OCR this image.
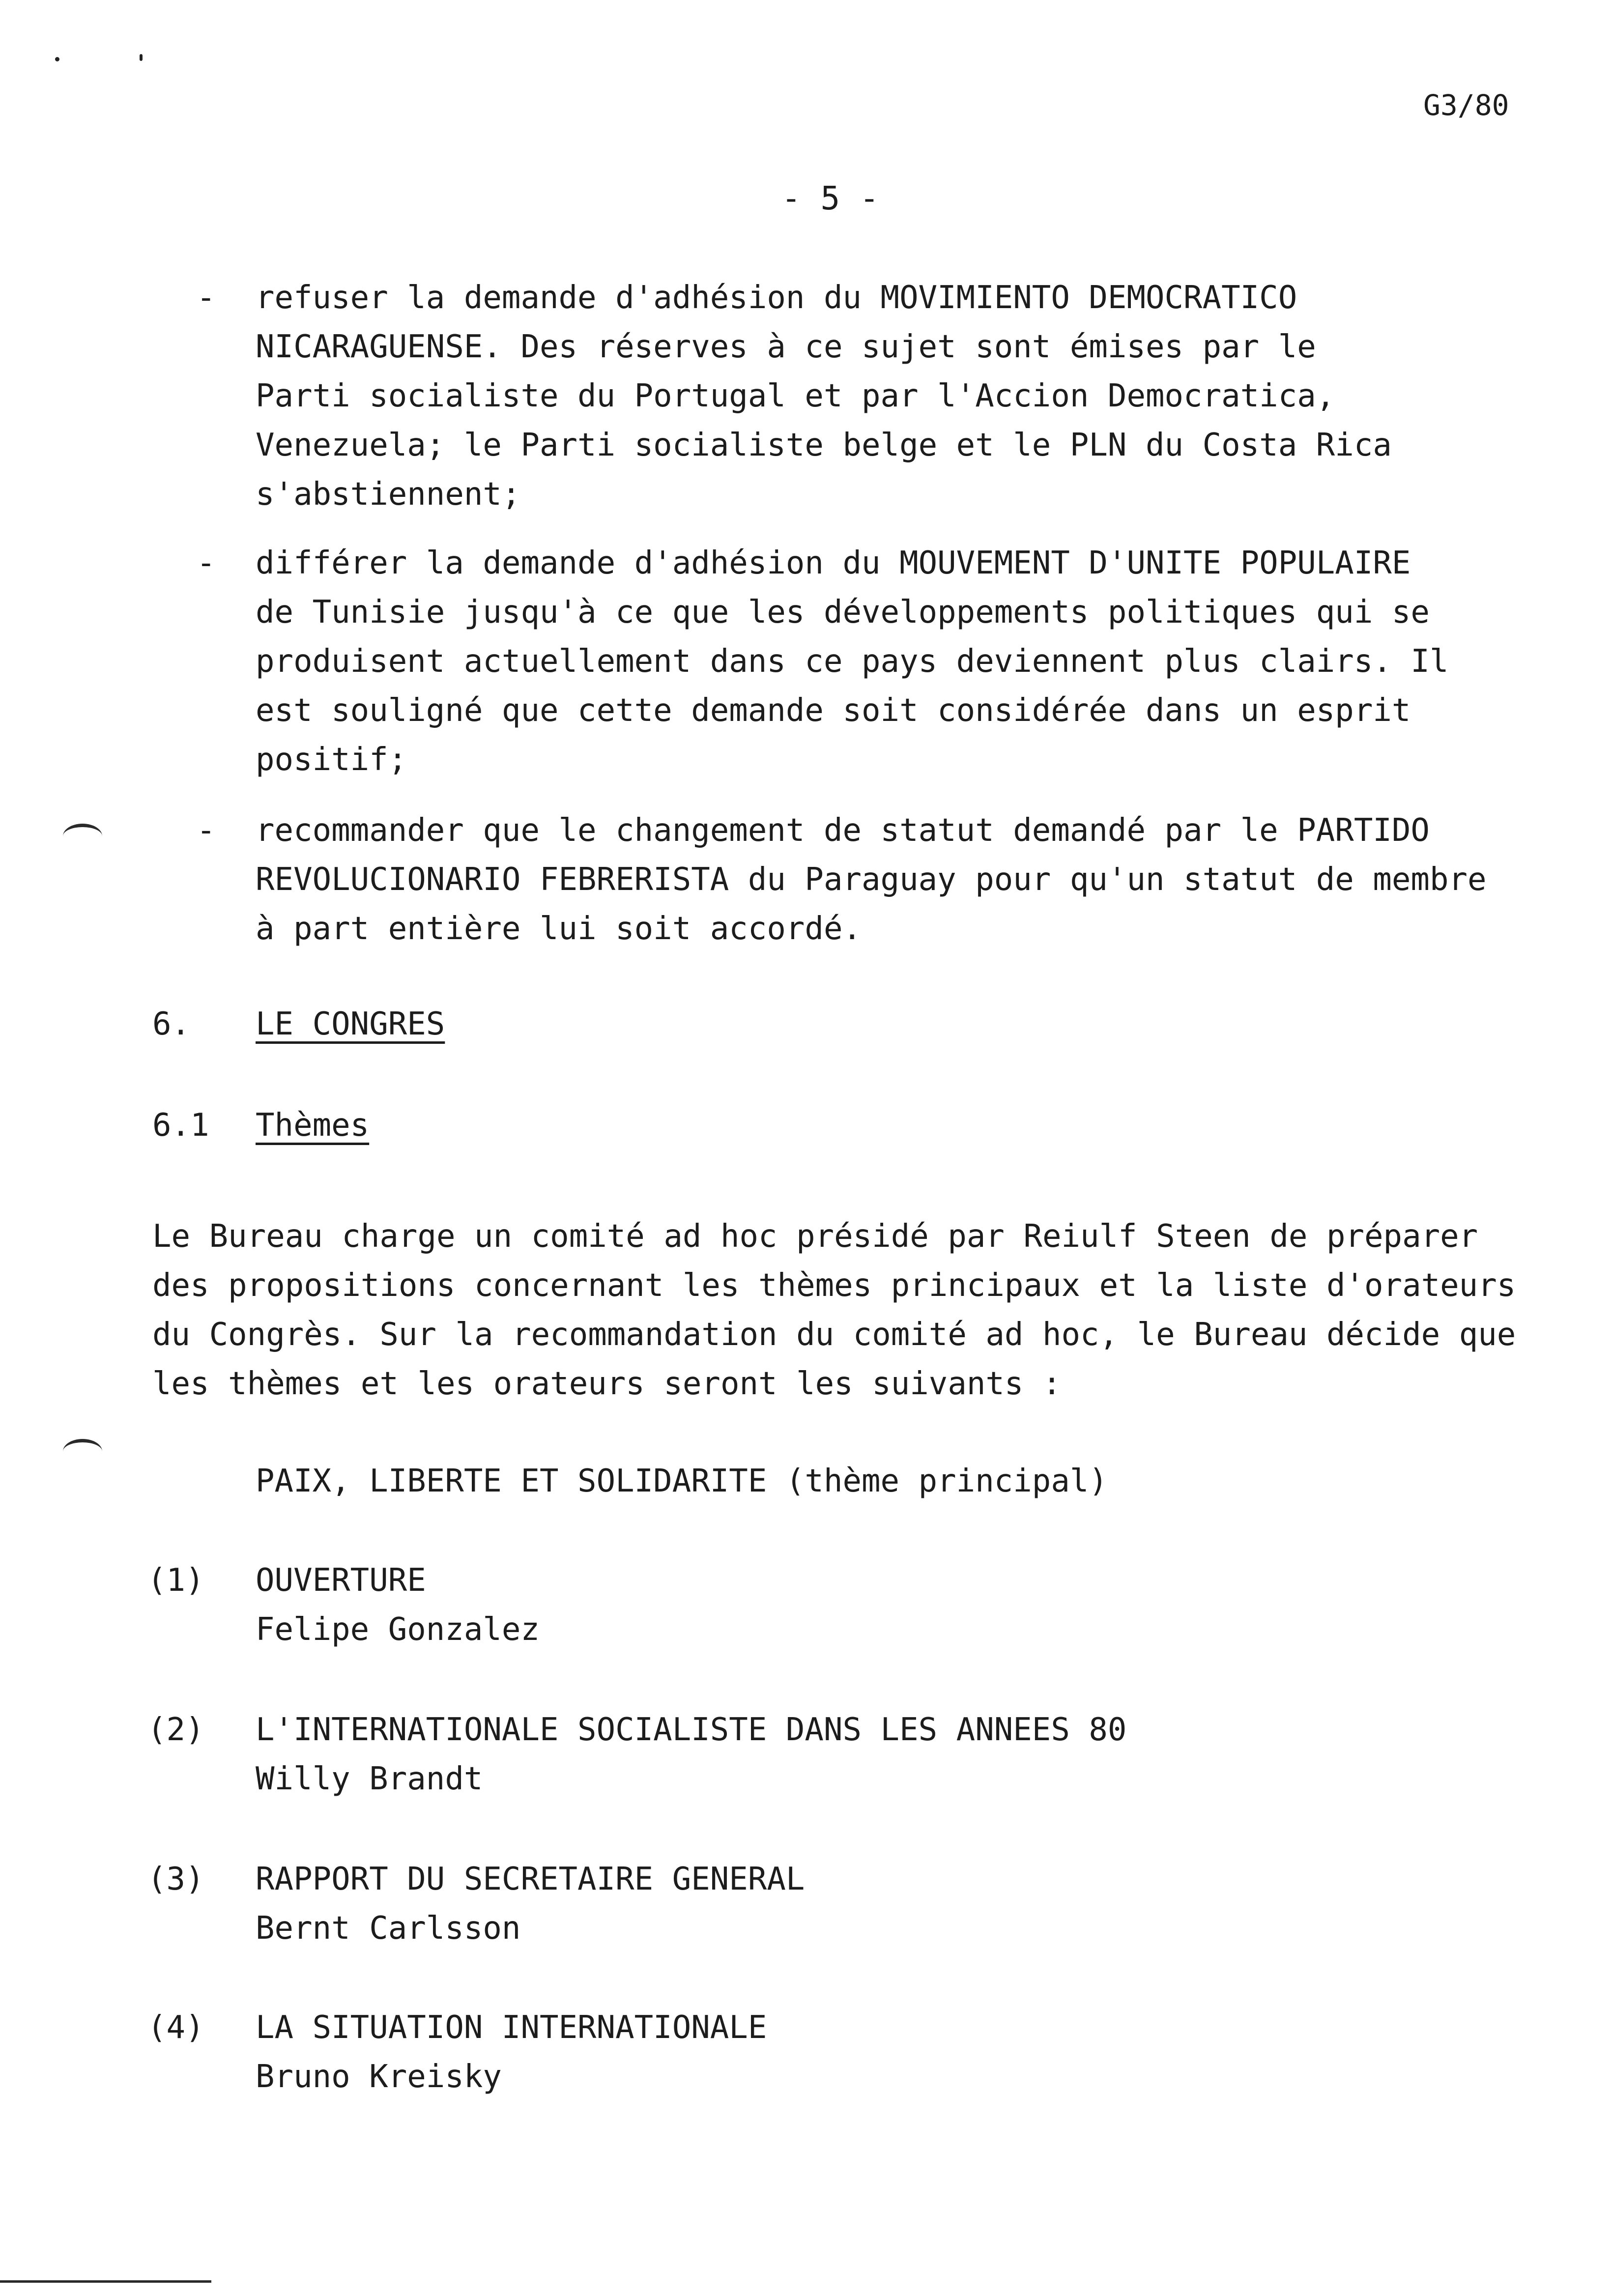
G3/80
- 5 -
- refuser la demande d'adhésion du MOVIMIENTO DEMOCRATICO
NICARAGUENSE. Des réserves à ce sujet sont émises par le
Parti socialiste du Portugal et par l'Accion Democratica,
Venezuela; le Parti socialiste belge et le PLN du Costa Rica
s'abstiennent;
- différer la demande d'adhésion du MOUVEMENT D'UNITE POPULAIRE
de Tunisie jusqu'à ce que les développements politiques qui se
produisent actuellement dans ce pays deviennent plus clairs. Il
est souligné que cette demande soit considérée dans un esprit
positif;
- recommander que le changement de statut demandé par le PARTIDO
REVOLUCIONARIO FEBRERISTA du Paraguay pour qu'un statut de membre
à part entière lui soit accordé.
6. LE CONGRES
6.1 Thèmes
Le Bureau charge un comité ad hoc présidé par Reiulf Steen de préparer
des propositions concernant les thèmes principaux et la liste d'orateurs
du Congrès. Sur la recommandation du comité ad hoc, le Bureau décide que
les thèmes et les orateurs seront les suivants :
PAIX, LIBERTE ET SOLIDARITE (thème principal)
(1) OUVERTURE
Felipe Gonzalez
(2) L'INTERNATIONALE SOCIALISTE DANS LES ANNEES 80
Willy Brandt
(3) RAPPORT DU SECRETAIRE GENERAL
Bernt Carlsson
(4) LA SITUATION INTERNATIONALE
Bruno Kreisky
